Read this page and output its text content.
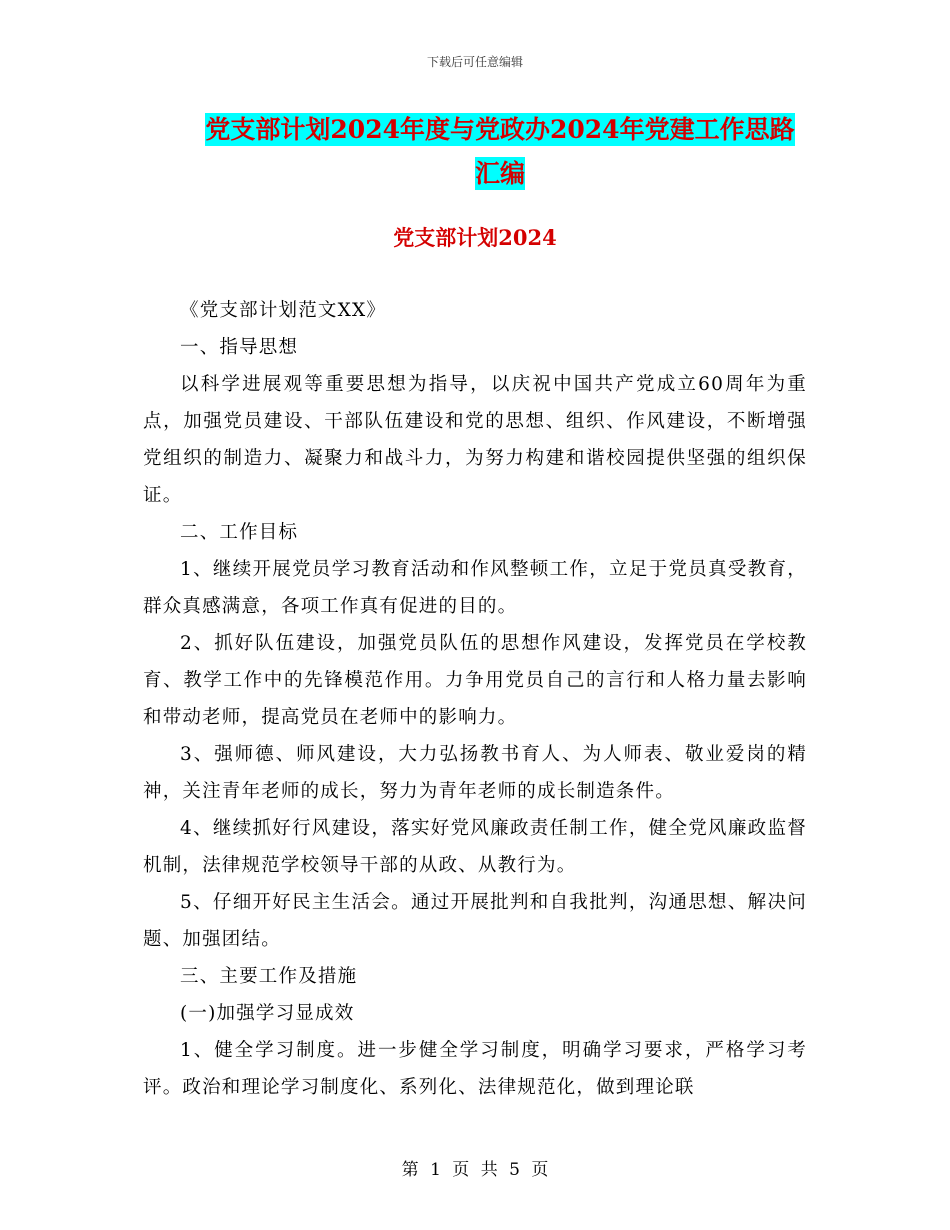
下载后可任意编辑
党支部计划2024年度与党政办2024年党建工作思路
汇编
党支部计划2024

《党支部计划范文XX》

一、指导思想

以科学进展观等重要思想为指导，以庆祝中国共产党成立60周年为重点，加强党员建设、干部队伍建设和党的思想、组织、作风建设，不断增强党组织的制造力、凝聚力和战斗力，为努力构建和谐校园提供坚强的组织保证。

二、工作目标

1、继续开展党员学习教育活动和作风整顿工作，立足于党员真受教育，群众真感满意，各项工作真有促进的目的。

2、抓好队伍建设，加强党员队伍的思想作风建设，发挥党员在学校教育、教学工作中的先锋模范作用。力争用党员自己的言行和人格力量去影响和带动老师，提高党员在老师中的影响力。

3、强师德、师风建设，大力弘扬教书育人、为人师表、敬业爱岗的精神，关注青年老师的成长，努力为青年老师的成长制造条件。

4、继续抓好行风建设，落实好党风廉政责任制工作，健全党风廉政监督机制，法律规范学校领导干部的从政、从教行为。

5、仔细开好民主生活会。通过开展批判和自我批判，沟通思想、解决问题、加强团结。

三、主要工作及措施

(一)加强学习显成效

1、健全学习制度。进一步健全学习制度，明确学习要求，严格学习考评。政治和理论学习制度化、系列化、法律规范化，做到理论联

第 1 页 共 5 页
